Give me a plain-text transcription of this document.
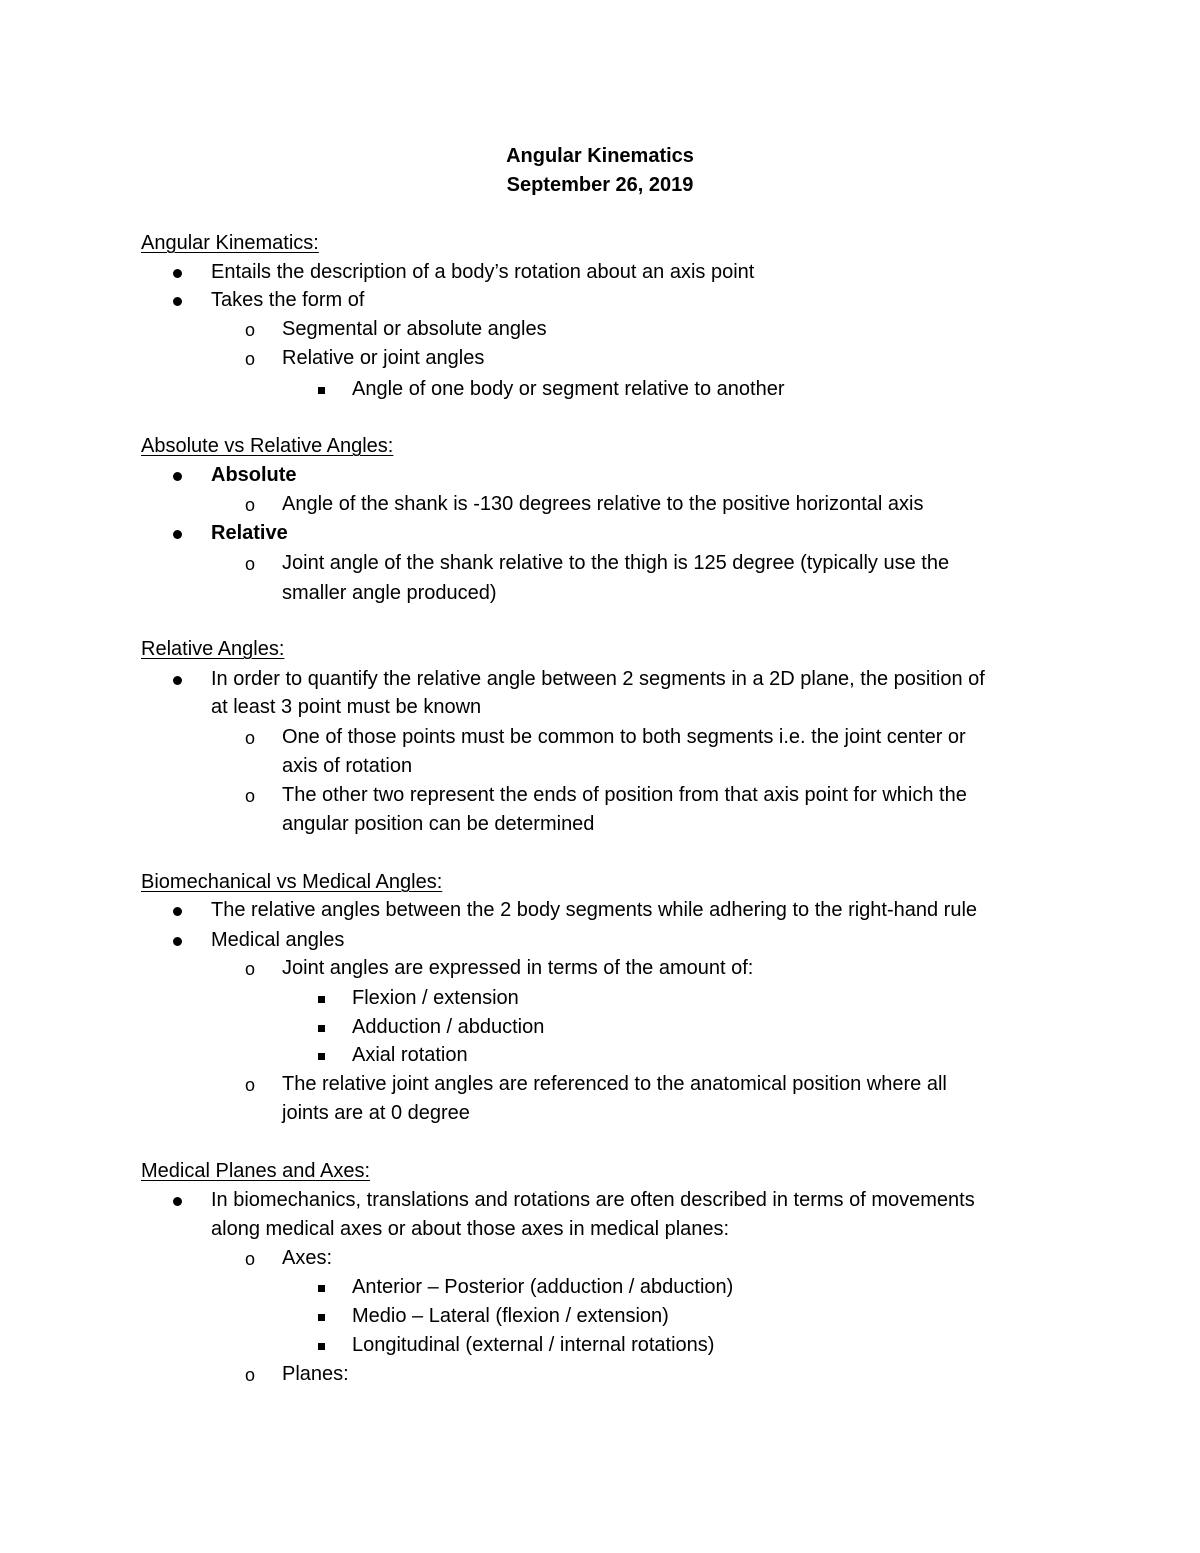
Angular Kinematics
September 26, 2019
Angular Kinematics:
Entails the description of a body’s rotation about an axis point
Takes the form of
Segmental or absolute angles
Relative or joint angles
Angle of one body or segment relative to another
Absolute vs Relative Angles:
Absolute
Angle of the shank is -130 degrees relative to the positive horizontal axis
Relative
Joint angle of the shank relative to the thigh is 125 degree (typically use the
smaller angle produced)
Relative Angles:
In order to quantify the relative angle between 2 segments in a 2D plane, the position of
at least 3 point must be known
One of those points must be common to both segments i.e. the joint center or
axis of rotation
The other two represent the ends of position from that axis point for which the
angular position can be determined
Biomechanical vs Medical Angles:
The relative angles between the 2 body segments while adhering to the right-hand rule
Medical angles
Joint angles are expressed in terms of the amount of:
Flexion / extension
Adduction / abduction
Axial rotation
The relative joint angles are referenced to the anatomical position where all
joints are at 0 degree
Medical Planes and Axes:
In biomechanics, translations and rotations are often described in terms of movements
along medical axes or about those axes in medical planes:
Axes:
Anterior – Posterior (adduction / abduction)
Medio – Lateral (flexion / extension)
Longitudinal (external / internal rotations)
Planes:
